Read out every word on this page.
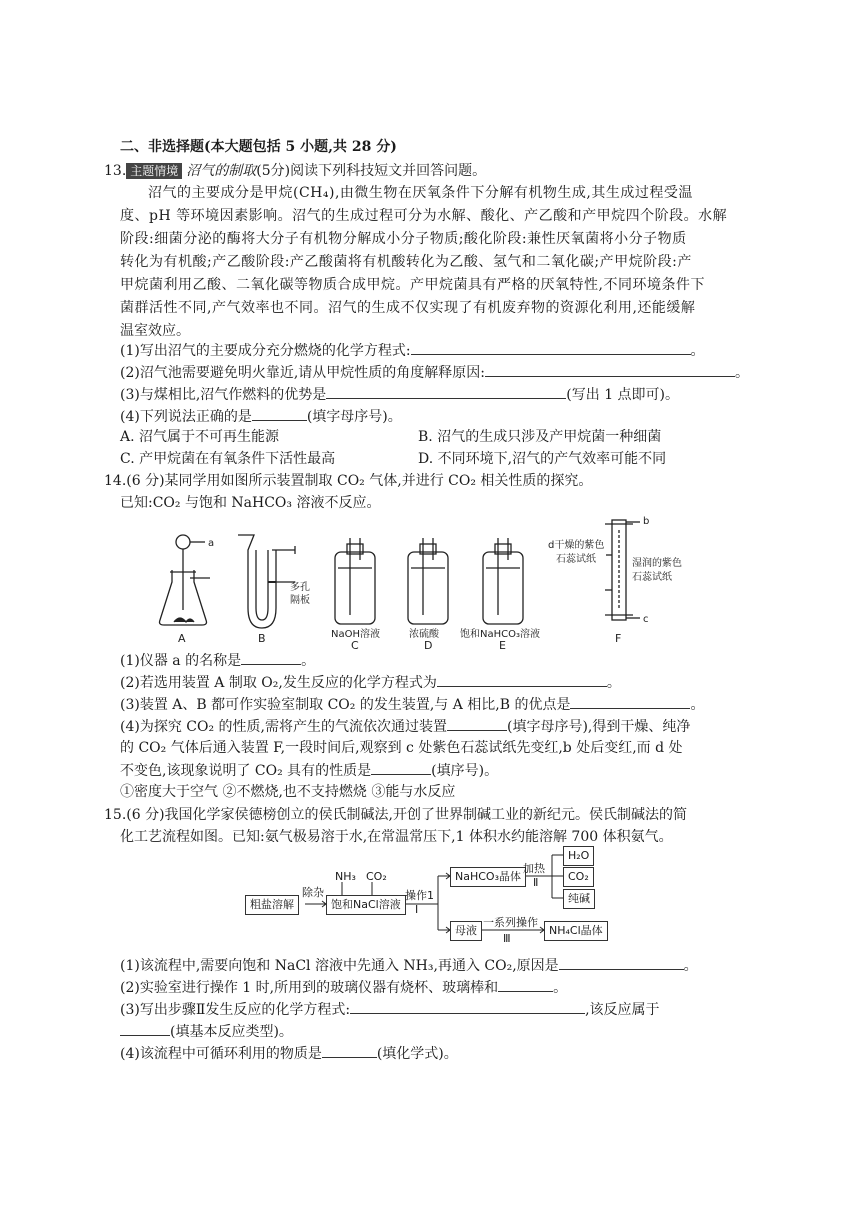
二、非选择题(本大题包括 5 小题,共 28 分)
13. 主题情境 沼气的制取(5分)阅读下列科技短文并回答问题。
沼气的主要成分是甲烷(CH₄),由微生物在厌氧条件下分解有机物生成,其生成过程受温
度、pH 等环境因素影响。沼气的生成过程可分为水解、酸化、产乙酸和产甲烷四个阶段。水解
阶段:细菌分泌的酶将大分子有机物分解成小分子物质;酸化阶段:兼性厌氧菌将小分子物质
转化为有机酸;产乙酸阶段:产乙酸菌将有机酸转化为乙酸、氢气和二氧化碳;产甲烷阶段:产
甲烷菌利用乙酸、二氧化碳等物质合成甲烷。产甲烷菌具有严格的厌氧特性,不同环境条件下
菌群活性不同,产气效率也不同。沼气的生成不仅实现了有机废弃物的资源化利用,还能缓解
温室效应。
(1)写出沼气的主要成分充分燃烧的化学方程式:	。
(2)沼气池需要避免明火靠近,请从甲烷性质的角度解释原因:	。
(3)与煤相比,沼气作燃料的优势是	(写出 1 点即可)。
(4)下列说法正确的是	(填字母序号)。
A. 沼气属于不可再生能源	B. 沼气的生成只涉及产甲烷菌一种细菌
C. 产甲烷菌在有氧条件下活性最高	D. 不同环境下,沼气的产气效率可能不同
14.(6 分)某同学用如图所示装置制取 CO₂ 气体,并进行 CO₂ 相关性质的探究。
已知:CO₂ 与饱和 NaHCO₃ 溶液不反应。
a
A
多孔
隔板
B	NaOH溶液
C
浓硫酸
D
饱和NaHCO₃溶液
E
b
c
d干燥的紫色
石蕊试纸	湿润的紫色
石蕊试纸
F
(1)仪器 a 的名称是	。
(2)若选用装置 A 制取 O₂,发生反应的化学方程式为	。
(3)装置 A、B 都可作实验室制取 CO₂ 的发生装置,与 A 相比,B 的优点是	。
(4)为探究 CO₂ 的性质,需将产生的气流依次通过装置	(填字母序号),得到干燥、纯净
的 CO₂ 气体后通入装置 F,一段时间后,观察到 c 处紫色石蕊试纸先变红,b 处后变红,而 d 处
不变色,该现象说明了 CO₂ 具有的性质是	(填序号)。
①密度大于空气 ②不燃烧,也不支持燃烧 ③能与水反应
15.(6 分)我国化学家侯德榜创立的侯氏制碱法,开创了世界制碱工业的新纪元。侯氏制碱法的简
化工艺流程如图。已知:氨气极易溶于水,在常温常压下,1 体积水约能溶解 700 体积氨气。
粗盐溶解
除杂
NH₃ CO₂
饱和NaCl溶液
操作1
Ⅰ
NaHCO₃晶体
加热
Ⅱ
H₂O
CO₂
纯碱
母液
一系列操作
Ⅲ
NH₄Cl晶体
(1)该流程中,需要向饱和 NaCl 溶液中先通入 NH₃,再通入 CO₂,原因是	。
(2)实验室进行操作 1 时,所用到的玻璃仪器有烧杯、玻璃棒和	。
(3)写出步骤Ⅱ发生反应的化学方程式:	,该反应属于
(填基本反应类型)。
(4)该流程中可循环利用的物质是	(填化学式)。
